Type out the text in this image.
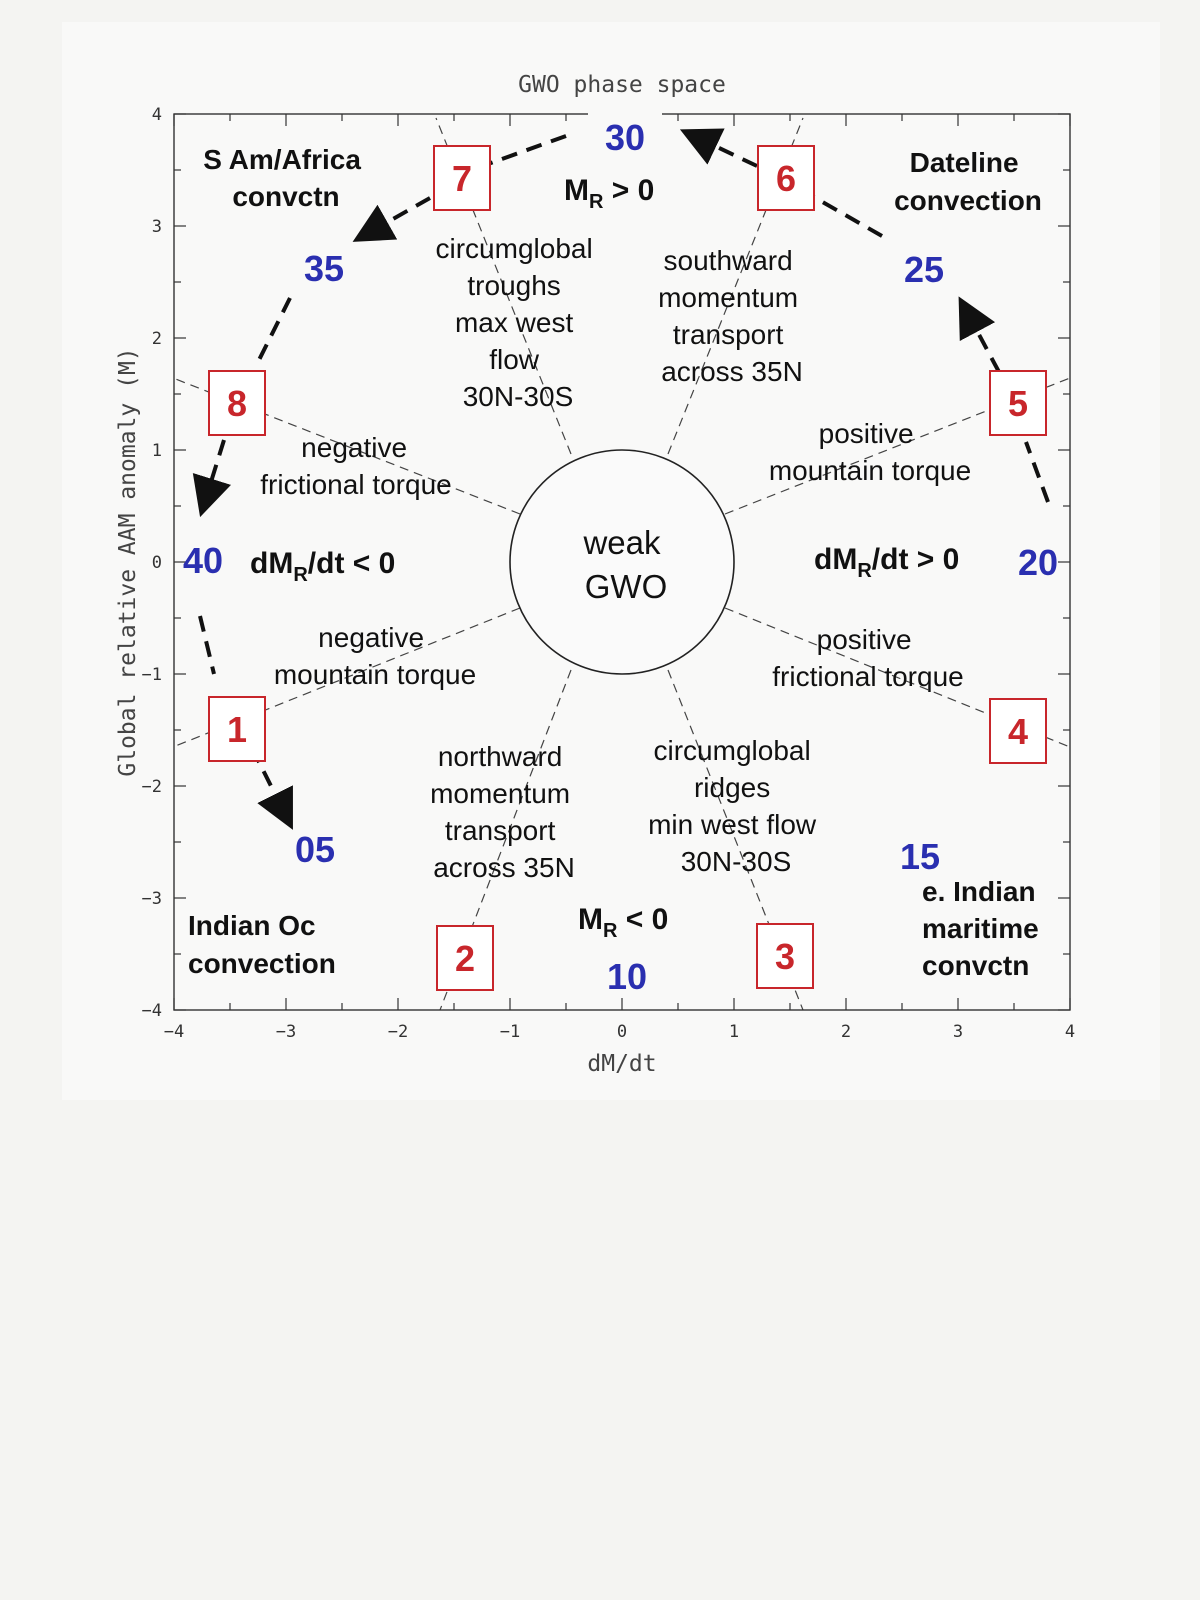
GWO phase space
−4	−3	−2	−1	0	1	2	3	4
4
3
2
1
0
−1
−2
−3
−4
dM/dt
Global relative AAM anomaly (M)	weak
GWO
circumglobal troughs max west flow 30N-30S
southward momentum transport across 35N
negative frictional torque
positive mountain torque
negative mountain torque
positive frictional torque
northward momentum transport across 35N
circumglobal ridges min west flow 30N-30S
S Am/Africa convctn
Dateline convection
Indian Oc convection
e. Indian maritime convctn
$M_R > 0$
$M_R < 0$
$dM_R/dt < 0$	$dM_R/dt > 0$
30
25
35
40	20
05	15
10
1
2	3
4
5
6
7
8
